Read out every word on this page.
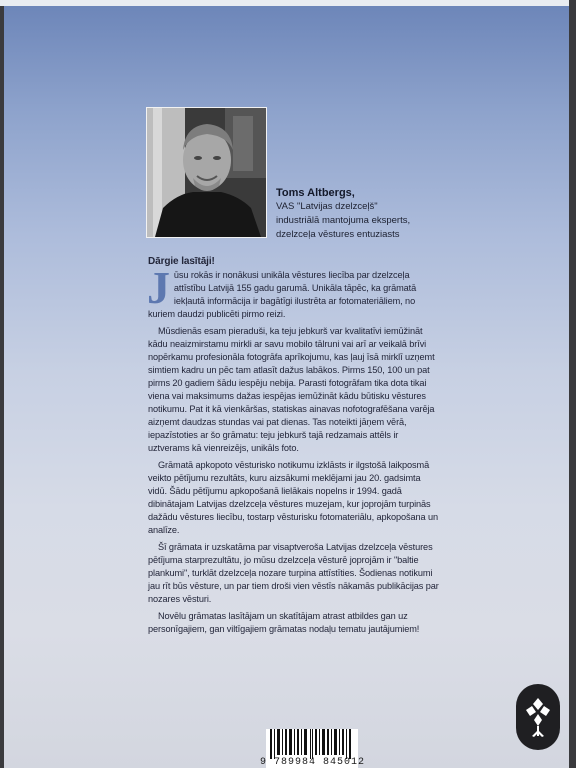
Toms Altbergs,
VAS "Latvijas dzelzceļš"
industriālā mantojuma eksperts,
dzelzceļa vēstures entuziasts
Dārgie lasītāji!

Jūsu rokās ir nonākusi unikāla vēstures liecība par dzelzceļa attīstību Latvijā 155 gadu garumā. Unikāla tāpēc, ka grāmatā iekļautā informācija ir bagātīgi ilustrēta ar fotomateriāliem, no kuriem daudzi publicēti pirmo reizi.

Mūsdienās esam pieraduši, ka teju jebkurš var kvalitatīvi iemūžināt kādu neaizmirstamu mirkli ar savu mobilo tālruni vai arī ar veikalā brīvi nopērkamu profesionāla fotogrāfa aprīkojumu, kas ļauj īsā mirklī uzņemt simtiem kadru un pēc tam atlasīt dažus labākos. Pirms 150, 100 un pat pirms 20 gadiem šādu iespēju nebija. Parasti fotogrāfam tika dota tikai viena vai maksimums dažas iespējas iemūžināt kādu būtisku vēstures notikumu. Pat it kā vienkāršas, statiskas ainavas nofotografēšana varēja aizņemt daudzas stundas vai pat dienas. Tas noteikti jāņem vērā, iepazīstoties ar šo grāmatu: teju jebkurš tajā redzamais attēls ir uztverams kā vienreizējs, unikāls foto.

Grāmatā apkopoto vēsturisko notikumu izklāsts ir ilgstošā laikposmā veikto pētījumu rezultāts, kuru aizsākumi meklējami jau 20. gadsimta vidū. Šādu pētījumu apkopošanā lielākais nopelns ir 1994. gadā dibinātajam Latvijas dzelzceļa vēstures muzejam, kur joprojām turpinās dažādu vēstures liecību, tostarp vēsturisku fotomateriālu, apkopošana un analīze.

Šī grāmata ir uzskatāma par visaptverоša Latvijas dzelzceļa vēstures pētījuma starprezultātu, jo mūsu dzelzceļa vēsturē joprojām ir "baltie plankumi", turklāt dzelzceļa nozare turpina attīstīties. Šodienas notikumi jau rīt būs vēsture, un par tiem droši vien vēstīs nākamās publikācijas par nozares vēsturi.

Novēlu grāmatas lasītājam un skatītājam atrast atbildes gan uz personīgajiem, gan viltīgajiem grāmatas nodaļu tematu jautājumiem!

9 789984 845012
